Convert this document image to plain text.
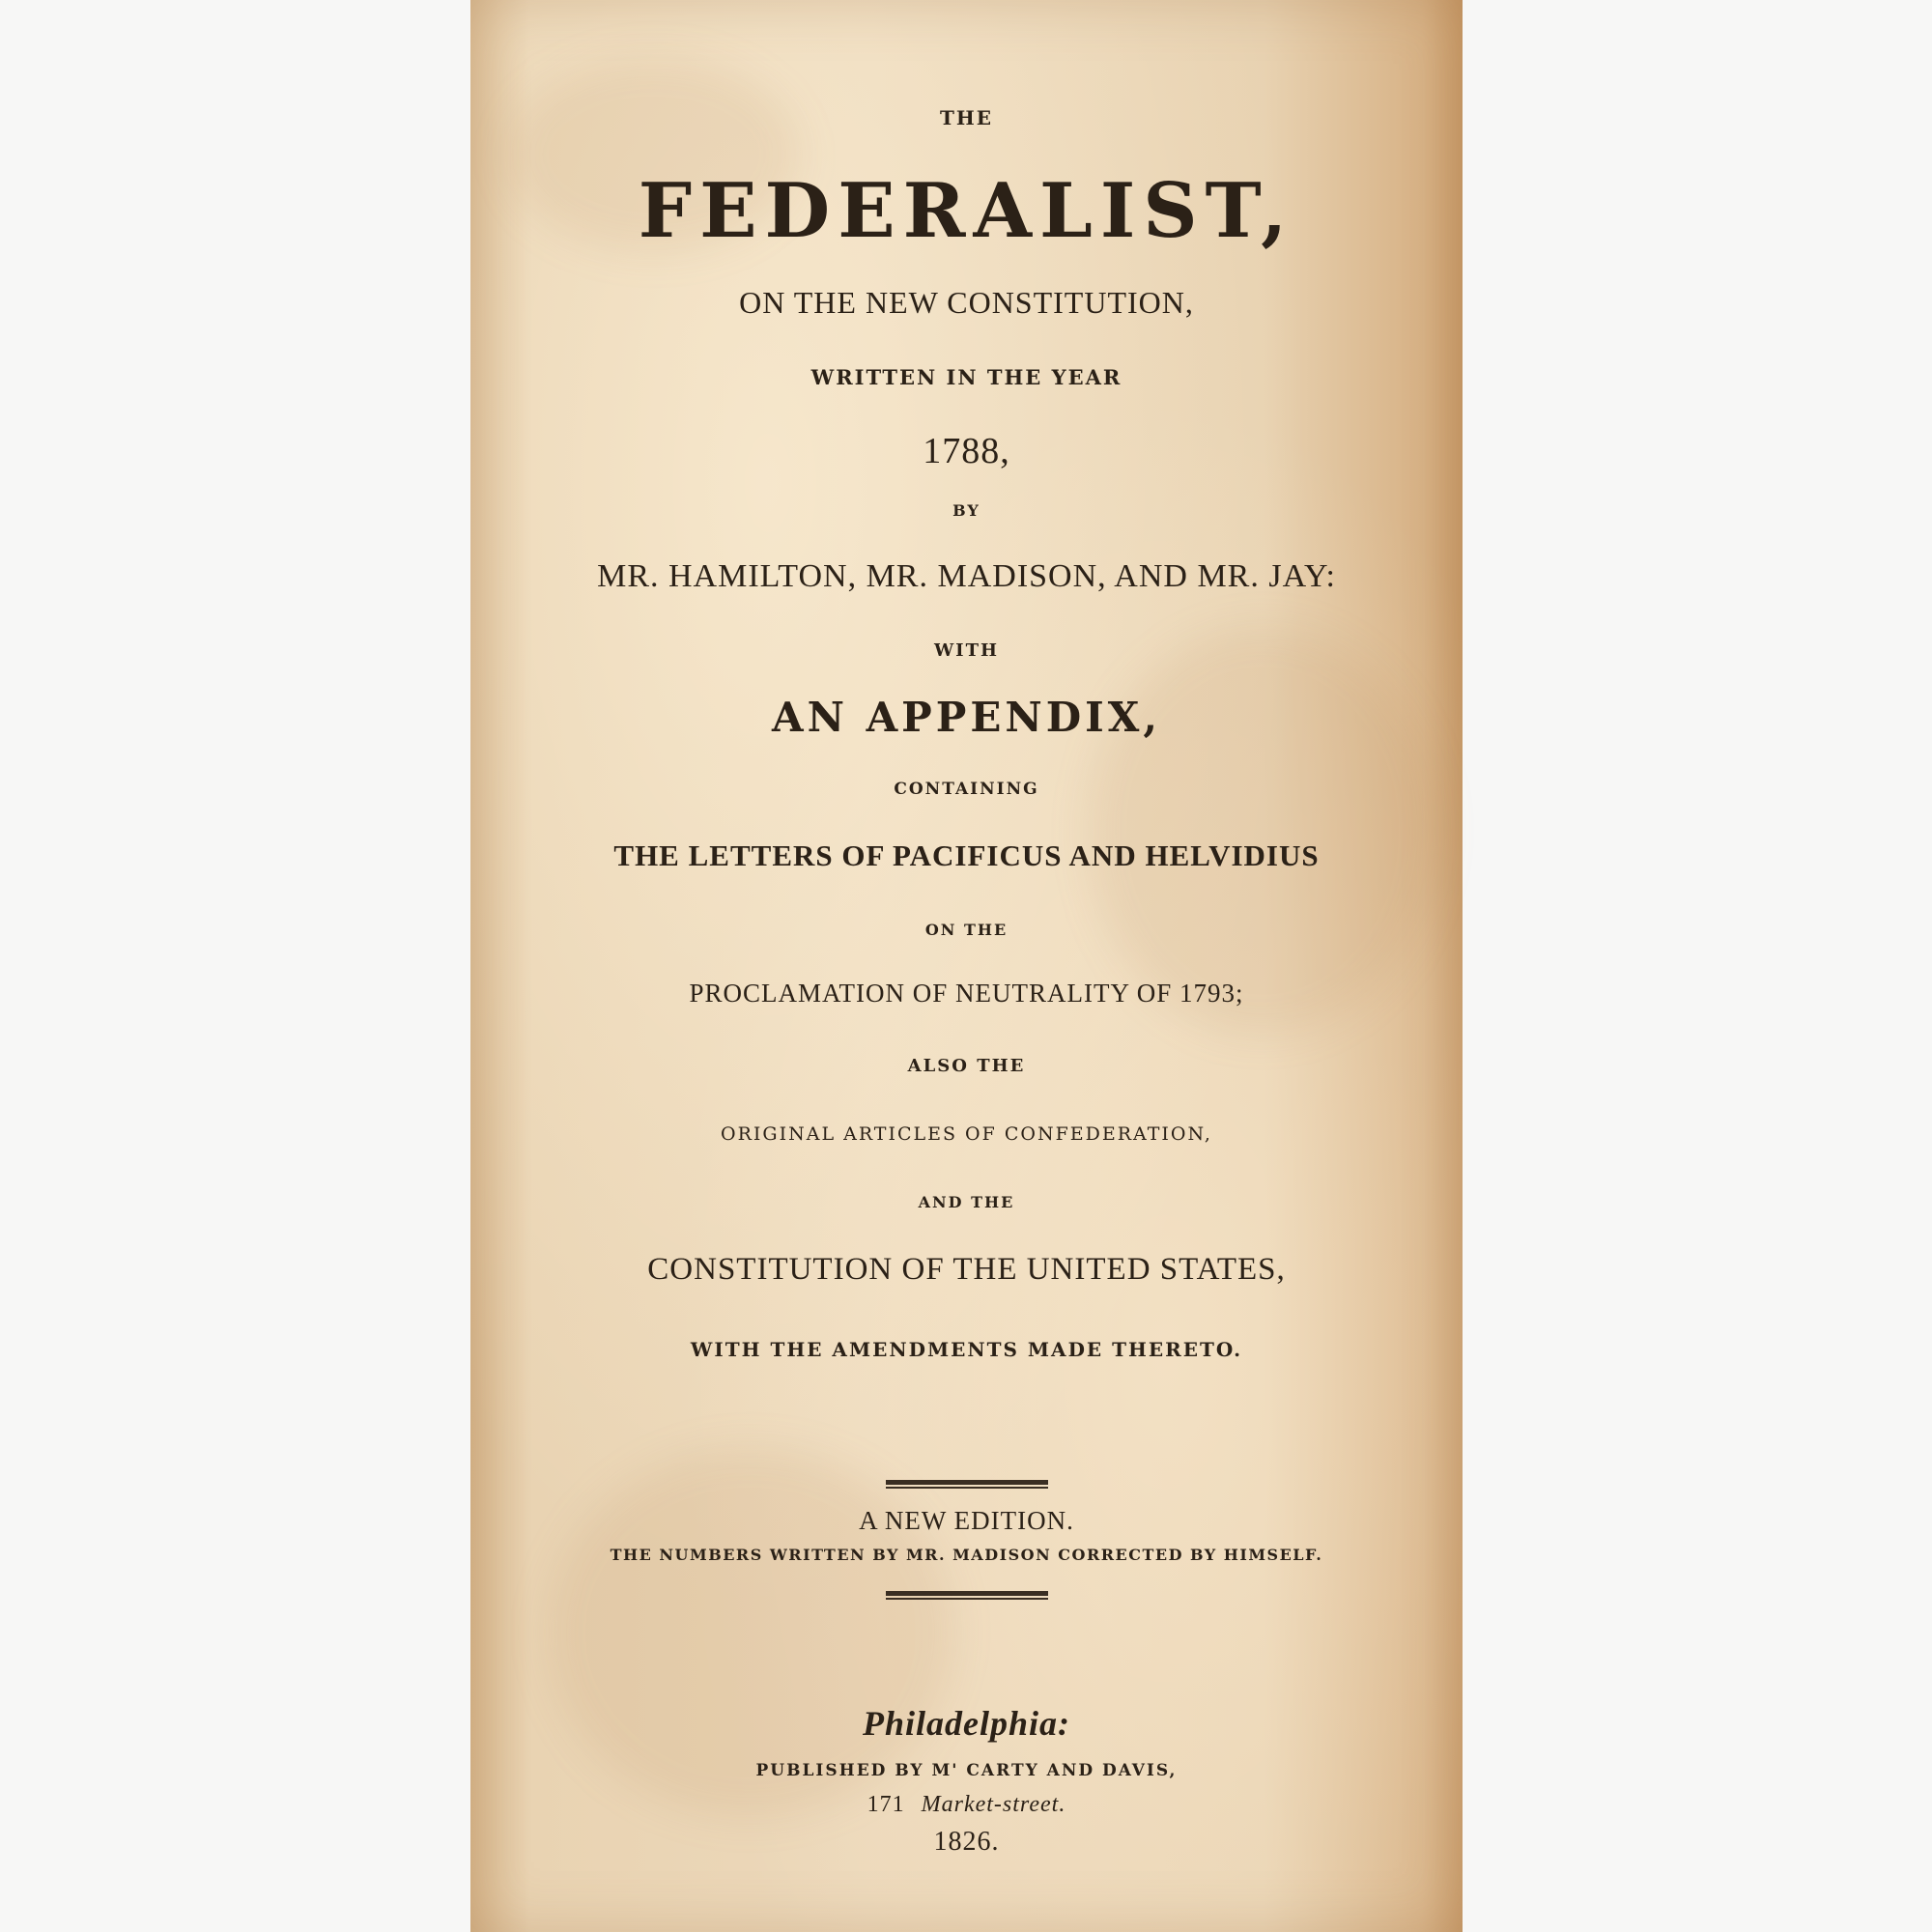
THE
FEDERALIST,
ON THE NEW CONSTITUTION,
WRITTEN IN THE YEAR
1788,
BY
MR. HAMILTON, MR. MADISON, AND MR. JAY:
WITH
AN APPENDIX,
CONTAINING
THE LETTERS OF PACIFICUS AND HELVIDIUS
ON THE
PROCLAMATION OF NEUTRALITY OF 1793;
ALSO THE
ORIGINAL ARTICLES OF CONFEDERATION,
AND THE
CONSTITUTION OF THE UNITED STATES,
WITH THE AMENDMENTS MADE THERETO.
A NEW EDITION.
THE NUMBERS WRITTEN BY MR. MADISON CORRECTED BY HIMSELF.
Philadelphia:
PUBLISHED BY M' CARTY AND DAVIS,
171 Market-street.
1826.
